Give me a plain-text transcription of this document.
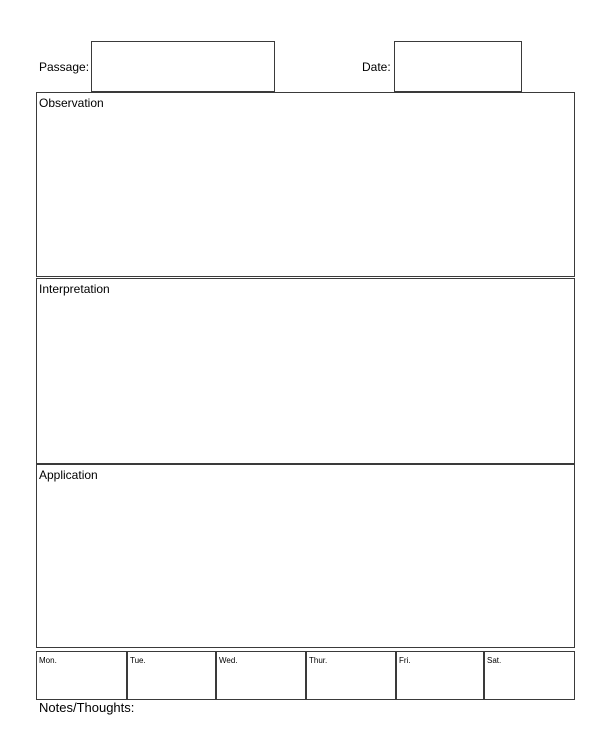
Passage:	Date:
Observation
Interpretation
Application
Mon.	Tue.	Wed.	Thur.	Fri.	Sat.
Notes/Thoughts:
